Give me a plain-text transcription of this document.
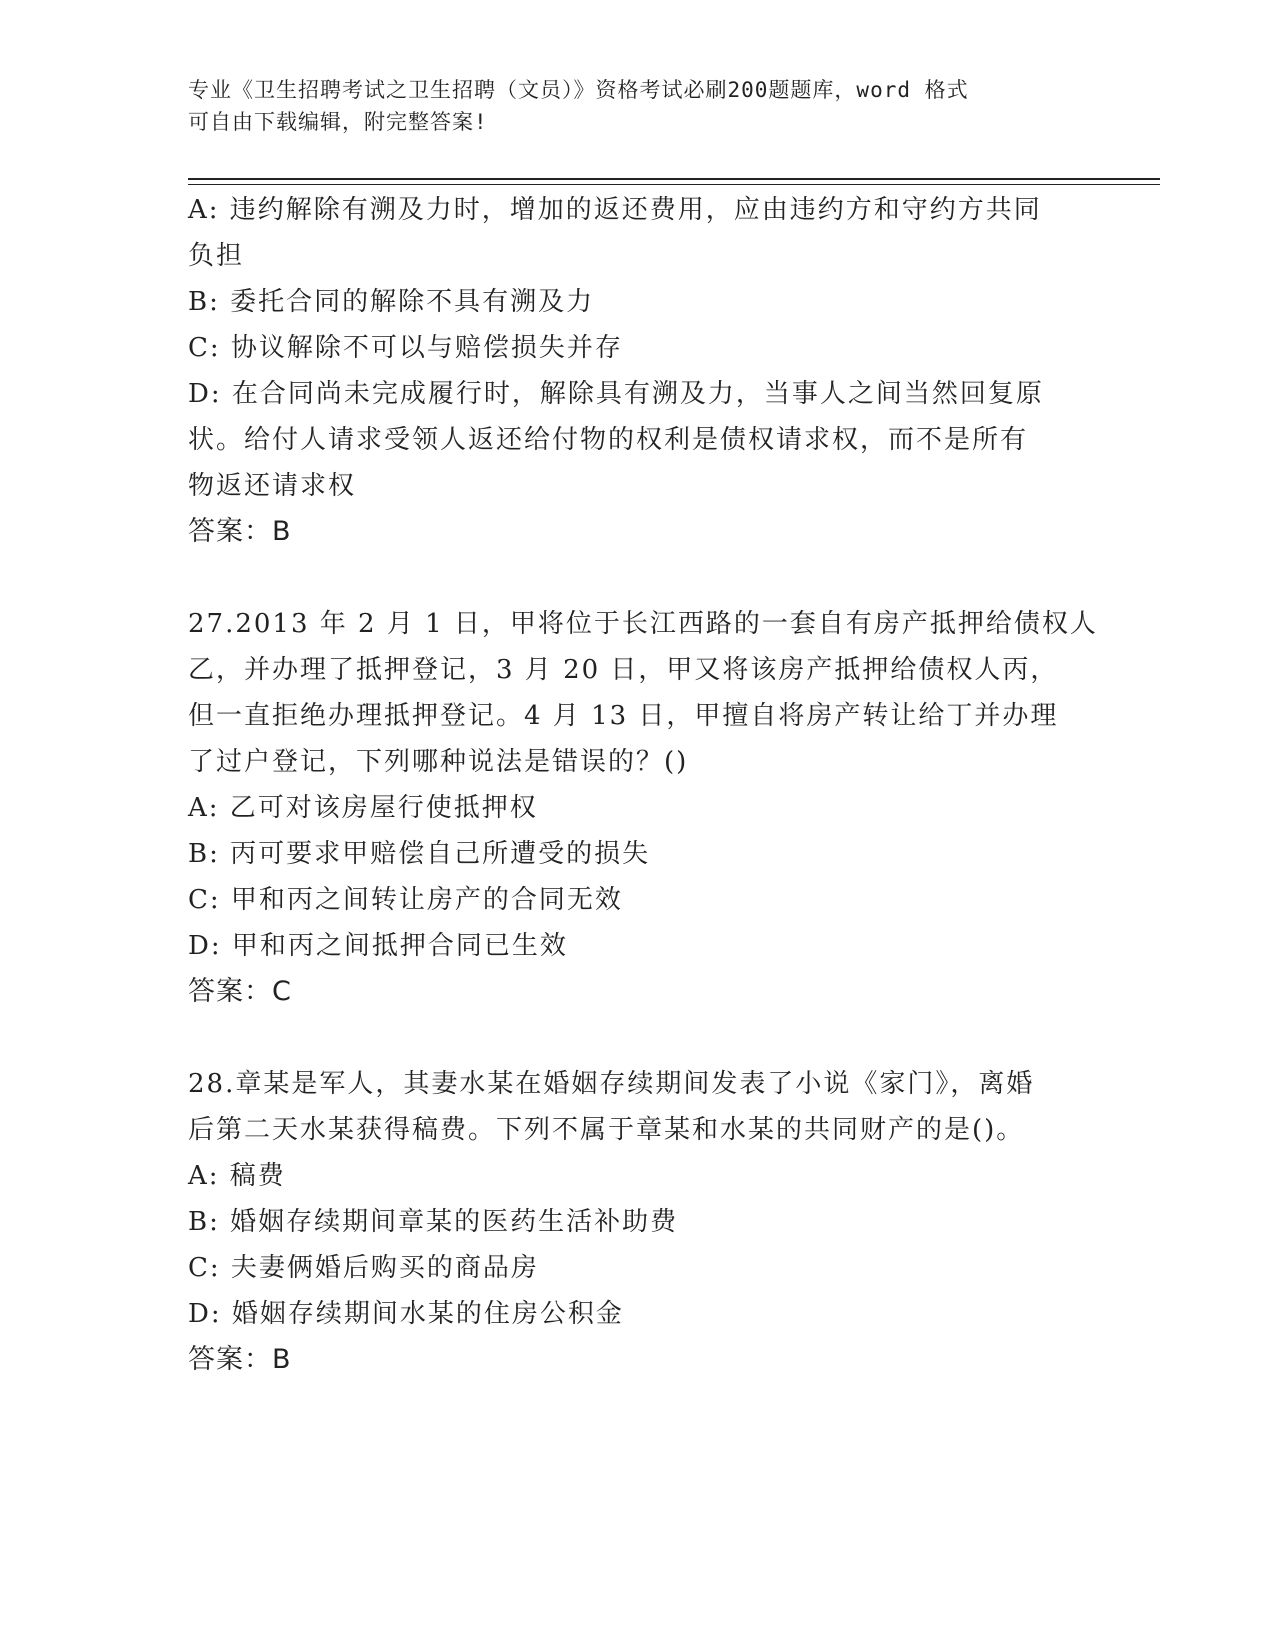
专业《卫生招聘考试之卫生招聘（文员）》资格考试必刷200题题库，word 格式
可自由下载编辑，附完整答案!

A: 违约解除有溯及力时，增加的返还费用，应由违约方和守约方共同

负担

B: 委托合同的解除不具有溯及力

C: 协议解除不可以与赔偿损失并存

D: 在合同尚未完成履行时，解除具有溯及力，当事人之间当然回复原

状。给付人请求受领人返还给付物的权利是债权请求权，而不是所有

物返还请求权

答案：B

27.2013 年 2 月 1 日，甲将位于长江西路的一套自有房产抵押给债权人

乙，并办理了抵押登记，3 月 20 日，甲又将该房产抵押给债权人丙，

但一直拒绝办理抵押登记。4 月 13 日，甲擅自将房产转让给丁并办理

了过户登记，下列哪种说法是错误的？()

A: 乙可对该房屋行使抵押权

B: 丙可要求甲赔偿自己所遭受的损失

C: 甲和丙之间转让房产的合同无效

D: 甲和丙之间抵押合同已生效

答案：C

28.章某是军人，其妻水某在婚姻存续期间发表了小说《家门》，离婚

后第二天水某获得稿费。下列不属于章某和水某的共同财产的是()。

A: 稿费

B: 婚姻存续期间章某的医药生活补助费

C: 夫妻俩婚后购买的商品房

D: 婚姻存续期间水某的住房公积金

答案：B
